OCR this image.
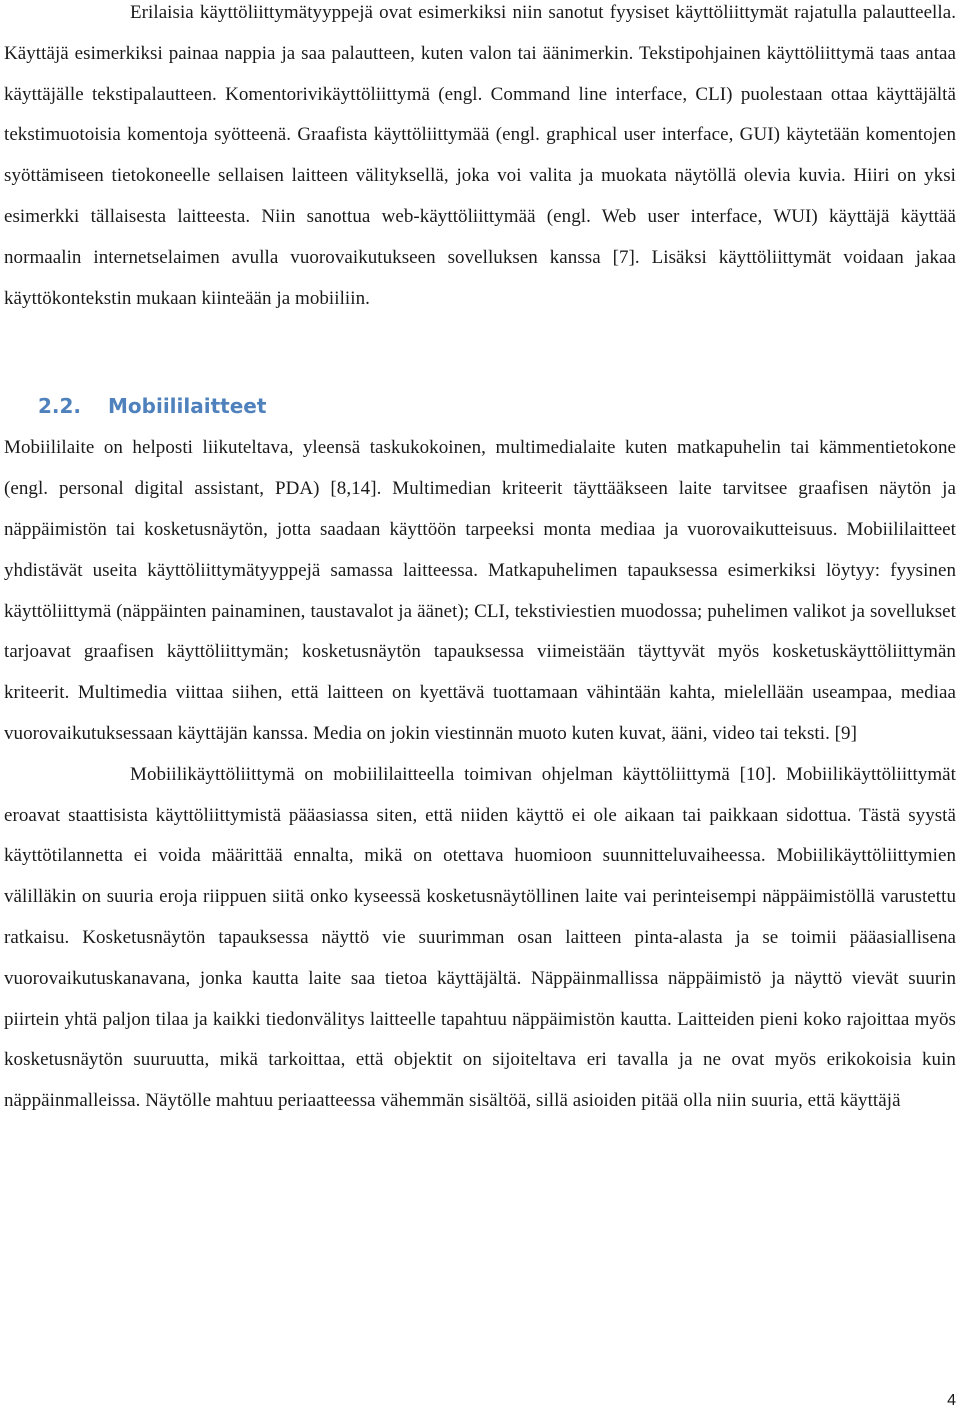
Erilaisia käyttöliittymätyyppejä ovat esimerkiksi niin sanotut fyysiset käyttöliittymät rajatulla palautteella. Käyttäjä esimerkiksi painaa nappia ja saa palautteen, kuten valon tai äänimerkin. Tekstipohjainen käyttöliittymä taas antaa käyttäjälle tekstipalautteen. Komentorivikäyttöliittymä (engl. Command line interface, CLI) puolestaan ottaa käyttäjältä tekstimuotoisia komentoja syötteenä. Graafista käyttöliittymää (engl. graphical user interface, GUI) käytetään komentojen syöttämiseen tietokoneelle sellaisen laitteen välityksellä, joka voi valita ja muokata näytöllä olevia kuvia. Hiiri on yksi esimerkki tällaisesta laitteesta. Niin sanottua web-käyttöliittymää (engl. Web user interface, WUI) käyttäjä käyttää normaalin internetselaimen avulla vuorovaikutukseen sovelluksen kanssa [7]. Lisäksi käyttöliittymät voidaan jakaa käyttökontekstin mukaan kiinteään ja mobiiliin.

2.2. Mobiililaitteet

Mobiililaite on helposti liikuteltava, yleensä taskukokoinen, multimedialaite kuten matkapuhelin tai kämmentietokone (engl. personal digital assistant, PDA) [8,14]. Multimedian kriteerit täyttääkseen laite tarvitsee graafisen näytön ja näppäimistön tai kosketusnäytön, jotta saadaan käyttöön tarpeeksi monta mediaa ja vuorovaikutteisuus. Mobiililaitteet yhdistävät useita käyttöliittymätyyppejä samassa laitteessa. Matkapuhelimen tapauksessa esimerkiksi löytyy: fyysinen käyttöliittymä (näppäinten painaminen, taustavalot ja äänet); CLI, tekstiviestien muodossa; puhelimen valikot ja sovellukset tarjoavat graafisen käyttöliittymän; kosketusnäytön tapauksessa viimeistään täyttyvät myös kosketuskäyttöliittymän kriteerit. Multimedia viittaa siihen, että laitteen on kyettävä tuottamaan vähintään kahta, mielellään useampaa, mediaa vuorovaikutuksessaan käyttäjän kanssa. Media on jokin viestinnän muoto kuten kuvat, ääni, video tai teksti. [9]

Mobiilikäyttöliittymä on mobiililaitteella toimivan ohjelman käyttöliittymä [10]. Mobiilikäyttöliittymät eroavat staattisista käyttöliittymistä pääasiassa siten, että niiden käyttö ei ole aikaan tai paikkaan sidottua. Tästä syystä käyttötilannetta ei voida määrittää ennalta, mikä on otettava huomioon suunnitteluvaiheessa. Mobiilikäyttöliittymien välilläkin on suuria eroja riippuen siitä onko kyseessä kosketusnäytöllinen laite vai perinteisempi näppäimistöllä varustettu ratkaisu. Kosketusnäytön tapauksessa näyttö vie suurimman osan laitteen pinta-alasta ja se toimii pääasiallisena vuorovaikutuskanavana, jonka kautta laite saa tietoa käyttäjältä. Näppäinmallissa näppäimistö ja näyttö vievät suurin piirtein yhtä paljon tilaa ja kaikki tiedonvälitys laitteelle tapahtuu näppäimistön kautta. Laitteiden pieni koko rajoittaa myös kosketusnäytön suuruutta, mikä tarkoittaa, että objektit on sijoiteltava eri tavalla ja ne ovat myös erikokoisia kuin näppäinmalleissa. Näytölle mahtuu periaatteessa vähemmän sisältöä, sillä asioiden pitää olla niin suuria, että käyttäjä

4
